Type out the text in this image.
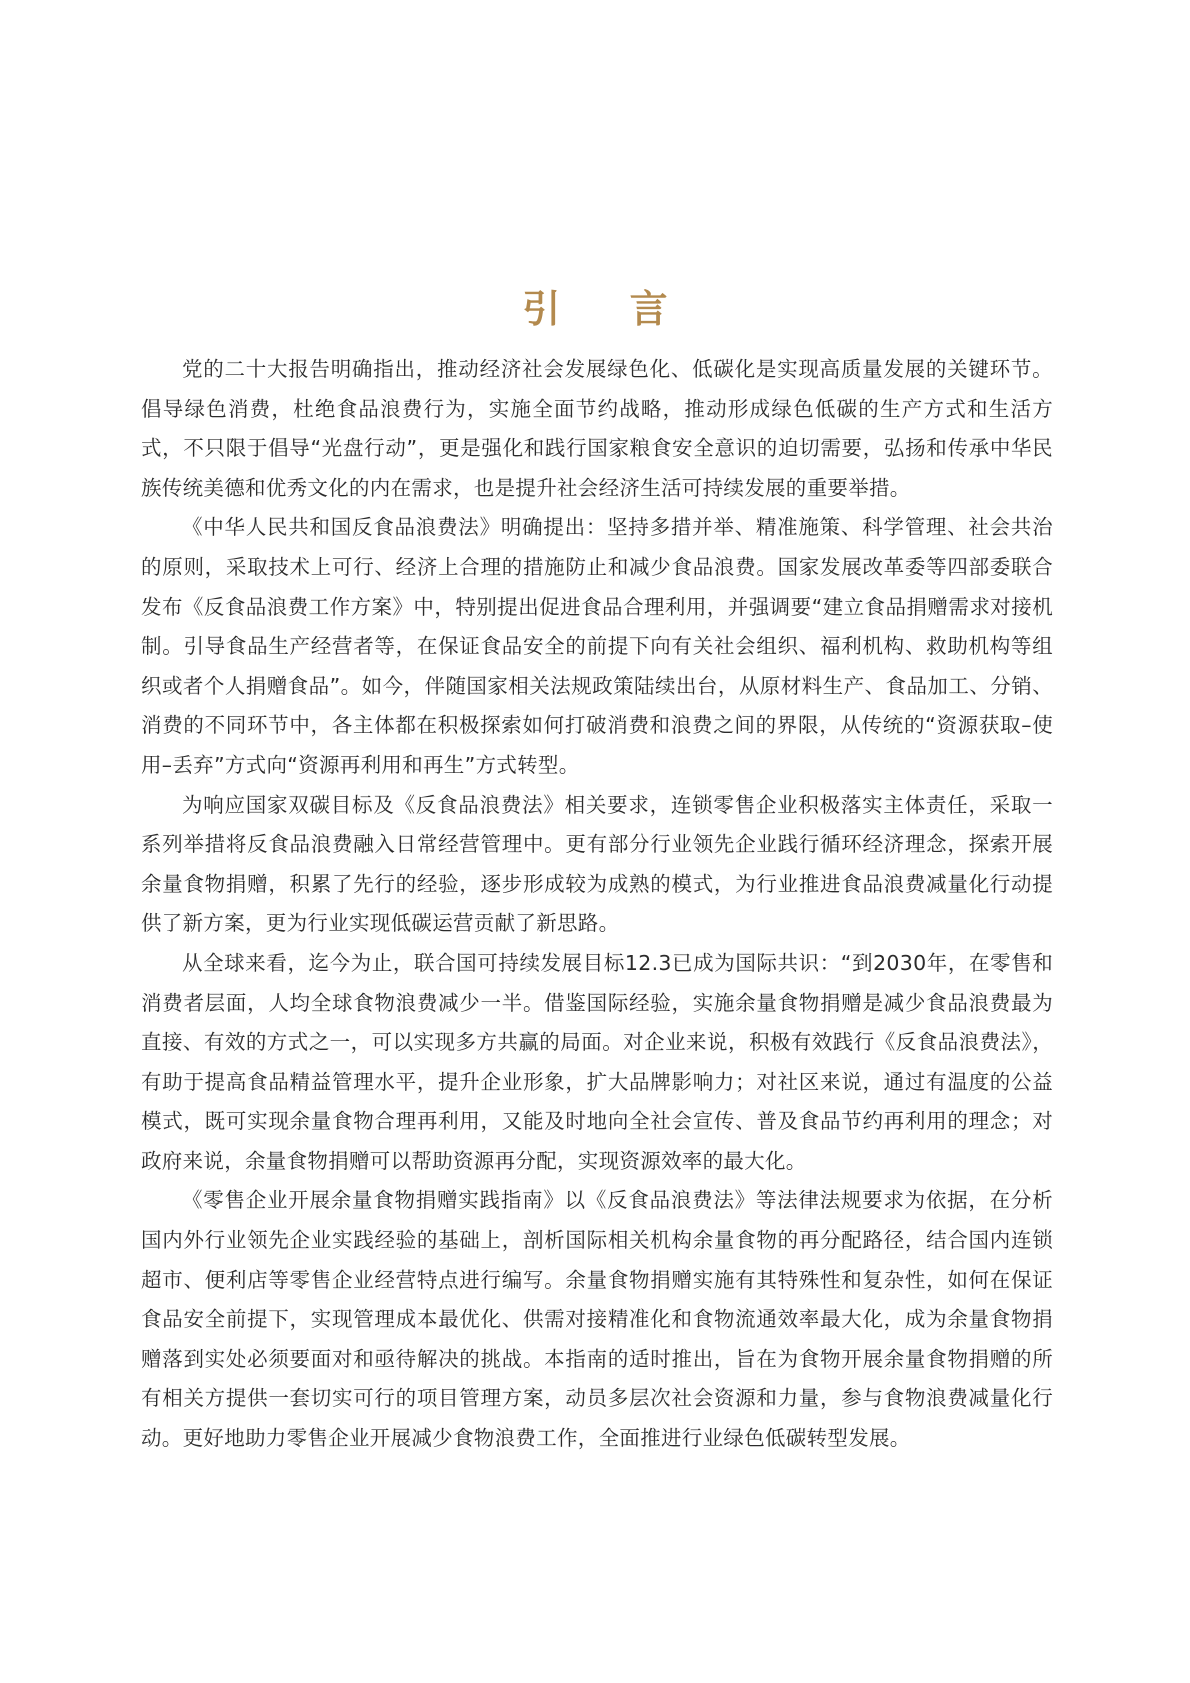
引 言

党的二十大报告明确指出，推动经济社会发展绿色化、低碳化是实现高质量发展的关键环节。倡导绿色消费，杜绝食品浪费行为，实施全面节约战略，推动形成绿色低碳的生产方式和生活方式，不只限于倡导“光盘行动”，更是强化和践行国家粮食安全意识的迫切需要，弘扬和传承中华民族传统美德和优秀文化的内在需求，也是提升社会经济生活可持续发展的重要举措。

《中华人民共和国反食品浪费法》明确提出：坚持多措并举、精准施策、科学管理、社会共治的原则，采取技术上可行、经济上合理的措施防止和减少食品浪费。国家发展改革委等四部委联合发布《反食品浪费工作方案》中，特别提出促进食品合理利用，并强调要“建立食品捐赠需求对接机制。引导食品生产经营者等，在保证食品安全的前提下向有关社会组织、福利机构、救助机构等组织或者个人捐赠食品”。如今，伴随国家相关法规政策陆续出台，从原材料生产、食品加工、分销、消费的不同环节中，各主体都在积极探索如何打破消费和浪费之间的界限，从传统的“资源获取–使用–丢弃”方式向“资源再利用和再生”方式转型。

为响应国家双碳目标及《反食品浪费法》相关要求，连锁零售企业积极落实主体责任，采取一系列举措将反食品浪费融入日常经营管理中。更有部分行业领先企业践行循环经济理念，探索开展余量食物捐赠，积累了先行的经验，逐步形成较为成熟的模式，为行业推进食品浪费减量化行动提供了新方案，更为行业实现低碳运营贡献了新思路。

从全球来看，迄今为止，联合国可持续发展目标12.3已成为国际共识：“到2030年，在零售和消费者层面，人均全球食物浪费减少一半。借鉴国际经验，实施余量食物捐赠是减少食品浪费最为直接、有效的方式之一，可以实现多方共赢的局面。对企业来说，积极有效践行《反食品浪费法》，有助于提高食品精益管理水平，提升企业形象，扩大品牌影响力；对社区来说，通过有温度的公益模式，既可实现余量食物合理再利用，又能及时地向全社会宣传、普及食品节约再利用的理念；对政府来说，余量食物捐赠可以帮助资源再分配，实现资源效率的最大化。

《零售企业开展余量食物捐赠实践指南》以《反食品浪费法》等法律法规要求为依据，在分析国内外行业领先企业实践经验的基础上，剖析国际相关机构余量食物的再分配路径，结合国内连锁超市、便利店等零售企业经营特点进行编写。余量食物捐赠实施有其特殊性和复杂性，如何在保证食品安全前提下，实现管理成本最优化、供需对接精准化和食物流通效率最大化，成为余量食物捐赠落到实处必须要面对和亟待解决的挑战。本指南的适时推出，旨在为食物开展余量食物捐赠的所有相关方提供一套切实可行的项目管理方案，动员多层次社会资源和力量，参与食物浪费减量化行动。更好地助力零售企业开展减少食物浪费工作，全面推进行业绿色低碳转型发展。
